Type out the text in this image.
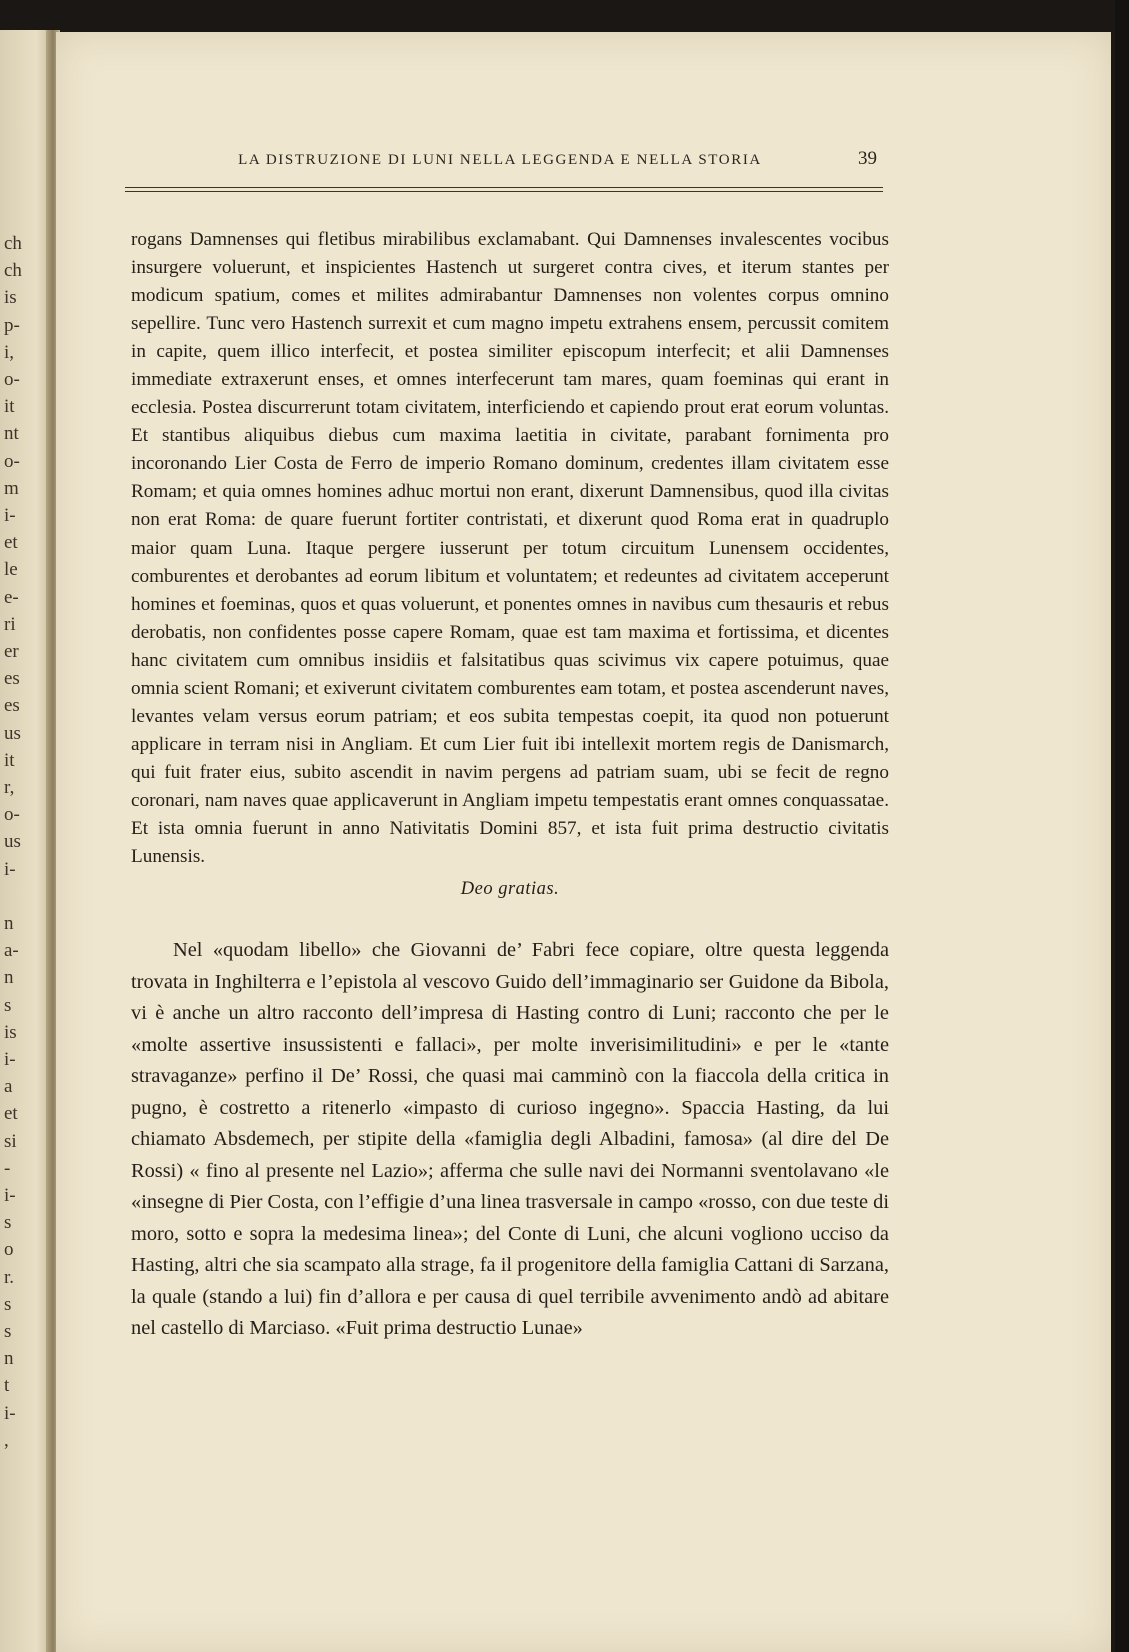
ch
ch
is
p-
i,
o-
it
nt
o-
m
i-
et
le
e-
ri
er
es
es
us
it
r,
o-
us
i-
n
a-
n
s
is
i-
a
et
si
-
i-
s
o
r.
s
s
n
t
i-
,
LA DISTRUZIONE DI LUNI NELLA LEGGENDA E NELLA STORIA	39

rogans Damnenses qui fletibus mirabilibus exclamabant. Qui Damnenses invalescentes vocibus insurgere voluerunt, et inspicientes Hastench ut surgeret contra cives, et iterum stantes per modicum spatium, comes et milites admirabantur Damnenses non volentes corpus omnino sepellire. Tunc vero Hastench surrexit et cum magno impetu extrahens ensem, percussit comitem in capite, quem illico interfecit, et postea similiter episcopum interfecit; et alii Damnenses immediate extraxerunt enses, et omnes interfecerunt tam mares, quam foeminas qui erant in ecclesia. Postea discurrerunt totam civitatem, interficiendo et capiendo prout erat eorum voluntas. Et stantibus aliquibus diebus cum maxima laetitia in civitate, parabant fornimenta pro incoronando Lier Costa de Ferro de imperio Romano dominum, credentes illam civitatem esse Romam; et quia omnes homines adhuc mortui non erant, dixerunt Damnensibus, quod illa civitas non erat Roma: de quare fuerunt fortiter contristati, et dixerunt quod Roma erat in quadruplo maior quam Luna. Itaque pergere iusserunt per totum circuitum Lunensem occidentes, comburentes et derobantes ad eorum libitum et voluntatem; et redeuntes ad civitatem acceperunt homines et foeminas, quos et quas voluerunt, et ponentes omnes in navibus cum thesauris et rebus derobatis, non confidentes posse capere Romam, quae est tam maxima et fortissima, et dicentes hanc civitatem cum omnibus insidiis et falsitatibus quas scivimus vix capere potuimus, quae omnia scient Romani; et exiverunt civitatem comburentes eam totam, et postea ascenderunt naves, levantes velam versus eorum patriam; et eos subita tempestas coepit, ita quod non potuerunt applicare in terram nisi in Angliam. Et cum Lier fuit ibi intellexit mortem regis de Danismarch, qui fuit frater eius, subito ascendit in navim pergens ad patriam suam, ubi se fecit de regno coronari, nam naves quae applicaverunt in Angliam impetu tempestatis erant omnes conquassatae. Et ista omnia fuerunt in anno Nativitatis Domini 857, et ista fuit prima destructio civitatis Lunensis.

Deo gratias.

Nel «quodam libello» che Giovanni de’ Fabri fece copiare, oltre questa leggenda trovata in Inghilterra e l’epistola al vescovo Guido dell’immaginario ser Guidone da Bibola, vi è anche un altro racconto dell’impresa di Hasting contro di Luni; racconto che per le «molte assertive insussistenti e fallaci», per molte inverisimilitudini» e per le «tante stravaganze» perfino il De’ Rossi, che quasi mai camminò con la fiaccola della critica in pugno, è costretto a ritenerlo «impasto di curioso ingegno». Spaccia Hasting, da lui chiamato Absdemech, per stipite della «famiglia degli Albadini, famosa» (al dire del De Rossi) « fino al presente nel Lazio»; afferma che sulle navi dei Normanni sventolavano «le «insegne di Pier Costa, con l’effigie d’una linea trasversale in campo «rosso, con due teste di moro, sotto e sopra la medesima linea»; del Conte di Luni, che alcuni vogliono ucciso da Hasting, altri che sia scampato alla strage, fa il progenitore della famiglia Cattani di Sarzana, la quale (stando a lui) fin d’allora e per causa di quel terribile avvenimento andò ad abitare nel castello di Marciaso. «Fuit prima destructio Lunae»
